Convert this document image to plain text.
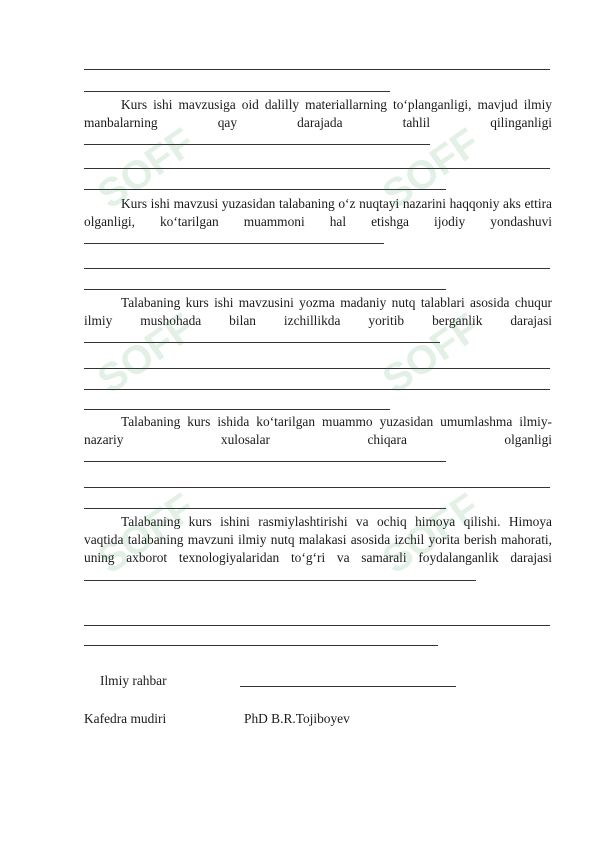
Kurs ishi mavzusiga oid dalilly materiallarning to‘planganligi, mavjud ilmiy manbalarning qay darajada tahlil qilinganligi

Kurs ishi mavzusi yuzasidan talabaning o‘z nuqtayi nazarini haqqoniy aks ettira olganligi, ko‘tarilgan muammoni hal etishga ijodiy yondashuvi

Talabaning kurs ishi mavzusini yozma madaniy nutq talablari asosida chuqur ilmiy mushohada bilan izchillikda yoritib berganlik darajasi

Talabaning kurs ishida ko‘tarilgan muammo yuzasidan umumlashma ilmiy-nazariy xulosalar chiqara olganligi

Talabaning kurs ishini rasmiylashtirishi va ochiq himoya qilishi. Himoya vaqtida talabaning mavzuni ilmiy nutq malakasi asosida izchil yorita berish mahorati, uning axborot texnologiyalaridan to‘g‘ri va samarali foydalanganlik darajasi

Ilmiy rahbar
Kafedra mudiri	PhD B.R.Tojiboyev
SOFF	SOFF
SOFF	SOFF
SOFF	SOFF
